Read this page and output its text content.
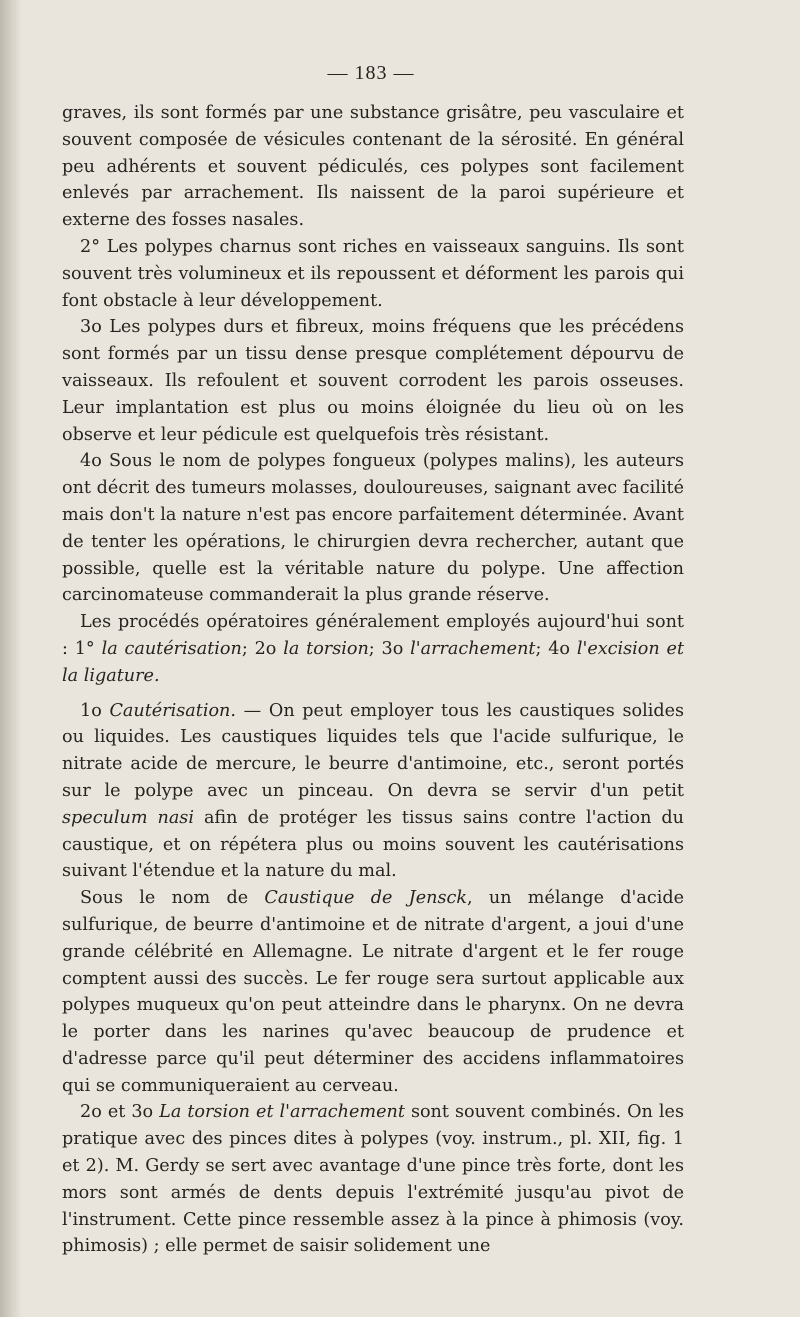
— 183 —

graves, ils sont formés par une substance grisâtre, peu vasculaire et souvent composée de vésicules contenant de la sérosité. En général peu adhérents et souvent pédiculés, ces polypes sont facilement enlevés par arrachement. Ils naissent de la paroi supérieure et externe des fosses nasales.

2° Les polypes charnus sont riches en vaisseaux sanguins. Ils sont souvent très volumineux et ils repoussent et déforment les parois qui font obstacle à leur développement.

3o Les polypes durs et fibreux, moins fréquens que les précédens sont formés par un tissu dense presque complétement dépourvu de vaisseaux. Ils refoulent et souvent corrodent les parois osseuses. Leur implantation est plus ou moins éloignée du lieu où on les observe et leur pédicule est quelquefois très résistant.

4o Sous le nom de polypes fongueux (polypes malins), les auteurs ont décrit des tumeurs molasses, douloureuses, saignant avec facilité mais don't la nature n'est pas encore parfaitement déterminée. Avant de tenter les opérations, le chirurgien devra rechercher, autant que possible, quelle est la véritable nature du polype. Une affection carcinomateuse commanderait la plus grande réserve.

Les procédés opératoires généralement employés aujourd'hui sont : 1° la cautérisation; 2o la torsion; 3o l'arrachement; 4o l'excision et la ligature.

1o Cautérisation. — On peut employer tous les caustiques solides ou liquides. Les caustiques liquides tels que l'acide sulfurique, le nitrate acide de mercure, le beurre d'antimoine, etc., seront portés sur le polype avec un pinceau. On devra se servir d'un petit speculum nasi afin de protéger les tissus sains contre l'action du caustique, et on répétera plus ou moins souvent les cautérisations suivant l'étendue et la nature du mal.

Sous le nom de Caustique de Jensck, un mélange d'acide sulfurique, de beurre d'antimoine et de nitrate d'argent, a joui d'une grande célébrité en Allemagne. Le nitrate d'argent et le fer rouge comptent aussi des succès. Le fer rouge sera surtout applicable aux polypes muqueux qu'on peut atteindre dans le pharynx. On ne devra le porter dans les narines qu'avec beaucoup de prudence et d'adresse parce qu'il peut déterminer des accidens inflammatoires qui se communiqueraient au cerveau.

2o et 3o La torsion et l'arrachement sont souvent combinés. On les pratique avec des pinces dites à polypes (voy. instrum., pl. XII, fig. 1 et 2). M. Gerdy se sert avec avantage d'une pince très forte, dont les mors sont armés de dents depuis l'extrémité jusqu'au pivot de l'instrument. Cette pince ressemble assez à la pince à phimosis (voy. phimosis) ; elle permet de saisir solidement une
